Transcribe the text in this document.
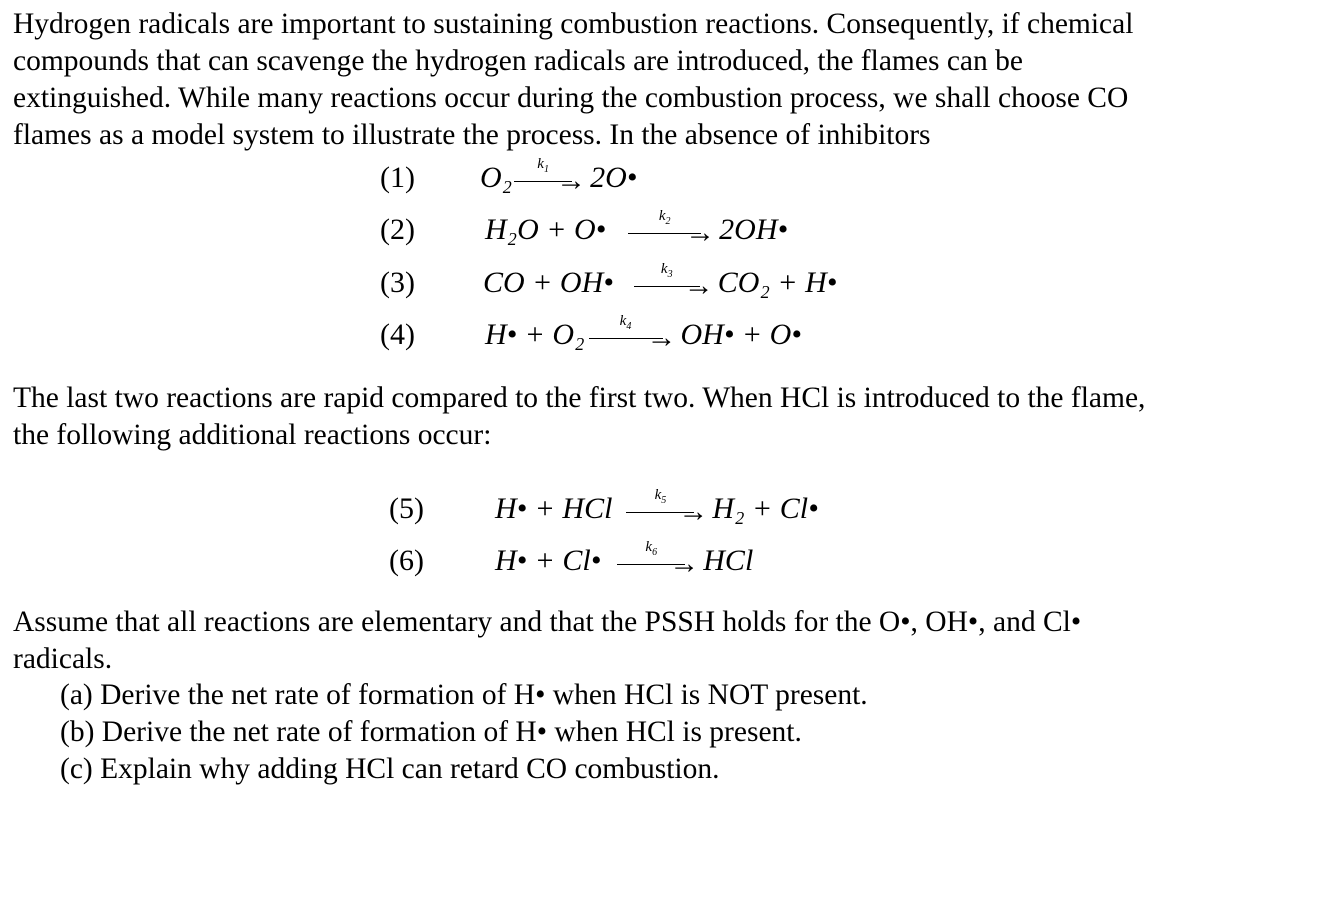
Hydrogen radicals are important to sustaining combustion reactions. Consequently, if chemical
compounds that can scavenge the hydrogen radicals are introduced, the flames can be
extinguished. While many reactions occur during the combustion process, we shall choose CO
flames as a model system to illustrate the process. In the absence of inhibitors
(1) O₂ →
$k_1$	2O•
(2) H₂O + O•	→
$k_2$	2OH•
(3) CO + OH• →
$k_3$	CO₂ + H•
(4) H• + O₂ →
$k_4$	OH• + O•
The last two reactions are rapid compared to the first two. When HCl is introduced to the flame,
the following additional reactions occur:
(5) H• + HCl →
$k_5$	H₂ + Cl•
(6) H• + Cl• →
$k_6$	HCl
Assume that all reactions are elementary and that the PSSH holds for the O•, OH•, and Cl•
radicals.
(a) Derive the net rate of formation of H• when HCl is NOT present.
(b) Derive the net rate of formation of H• when HCl is present.
(c) Explain why adding HCl can retard CO combustion.
